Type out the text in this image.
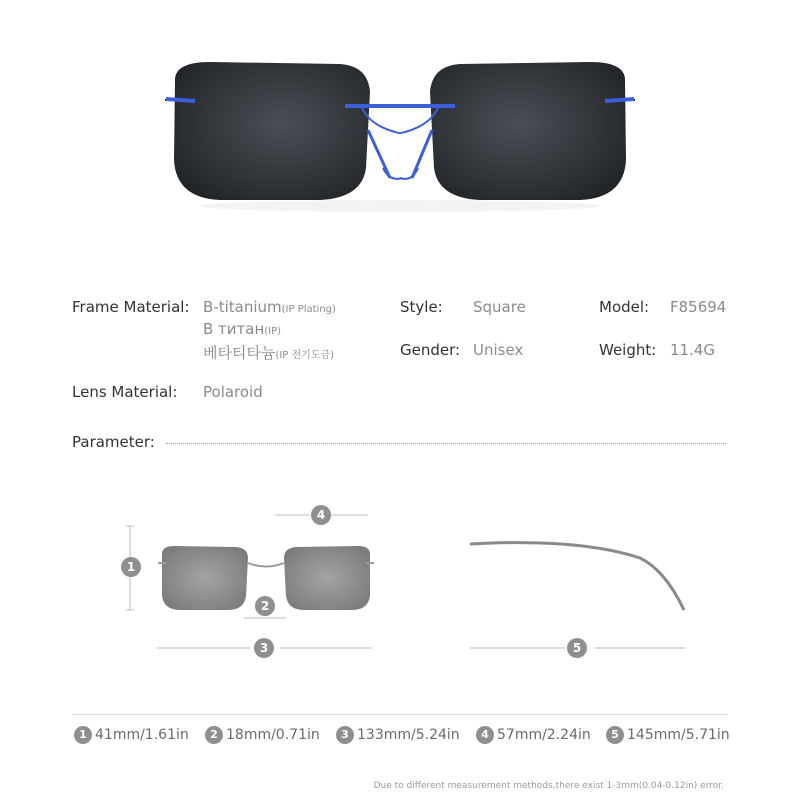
Frame Material: B-titanium(IP Plating)
B титан(IP)
베타티타늄(IP 전기도금)
Style: Square	Model: F85694
Gender: Unisex	Weight: 11.4G
Lens Material: Polaroid
Parameter:
1
2
3
4
5
1 41mm/1.61in	2 18mm/0.71in	3 133mm/5.24in	4 57mm/2.24in	5 145mm/5.71in
Due to different measurement methods,there exist 1-3mm(0.04-0.12in) error.
